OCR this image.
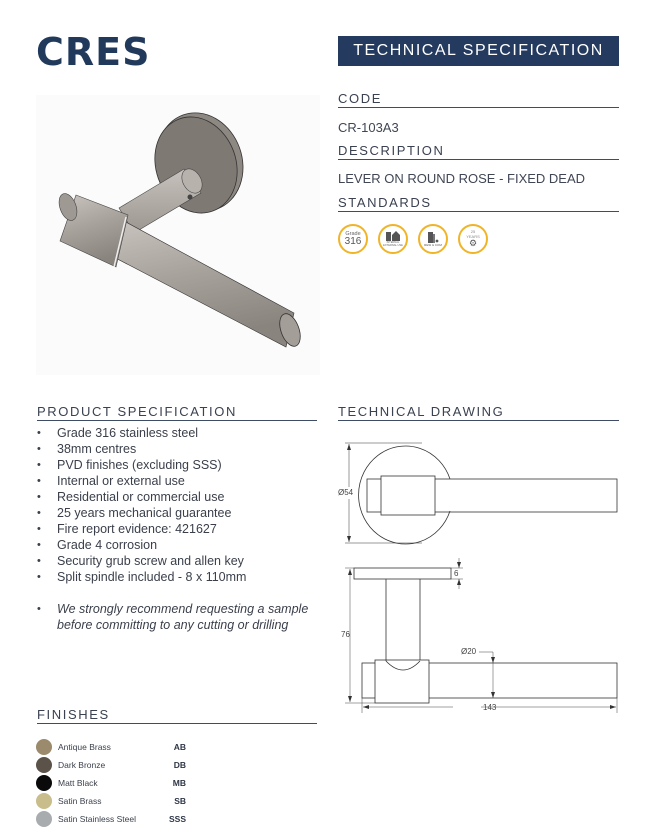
CRES	TECHNICAL SPECIFICATION
CODE
CR-103A3
DESCRIPTION
LEVER ON ROUND ROSE - FIXED DEAD
STANDARDS
Grade
316	INTERNAL EXTERNAL USE	RESI & COM
25
YEARS
⚙
PRODUCT SPECIFICATION
• Grade 316 stainless steel
• 38mm centres
• PVD finishes (excluding SSS)
• Internal or external use
• Residential or commercial use
• 25 years mechanical guarantee
• Fire report evidence: 421627
• Grade 4 corrosion
• Security grub screw and allen key
• Split spindle included - 8 x 110mm
• We strongly recommend requesting a sample before committing to any cutting or drilling
TECHNICAL DRAWING
Ø54
6
76
Ø20
143
FINISHES
Antique Brass	AB
Dark Bronze	DB
Matt Black	MB
Satin Brass	SB
Satin Stainless Steel	SSS
